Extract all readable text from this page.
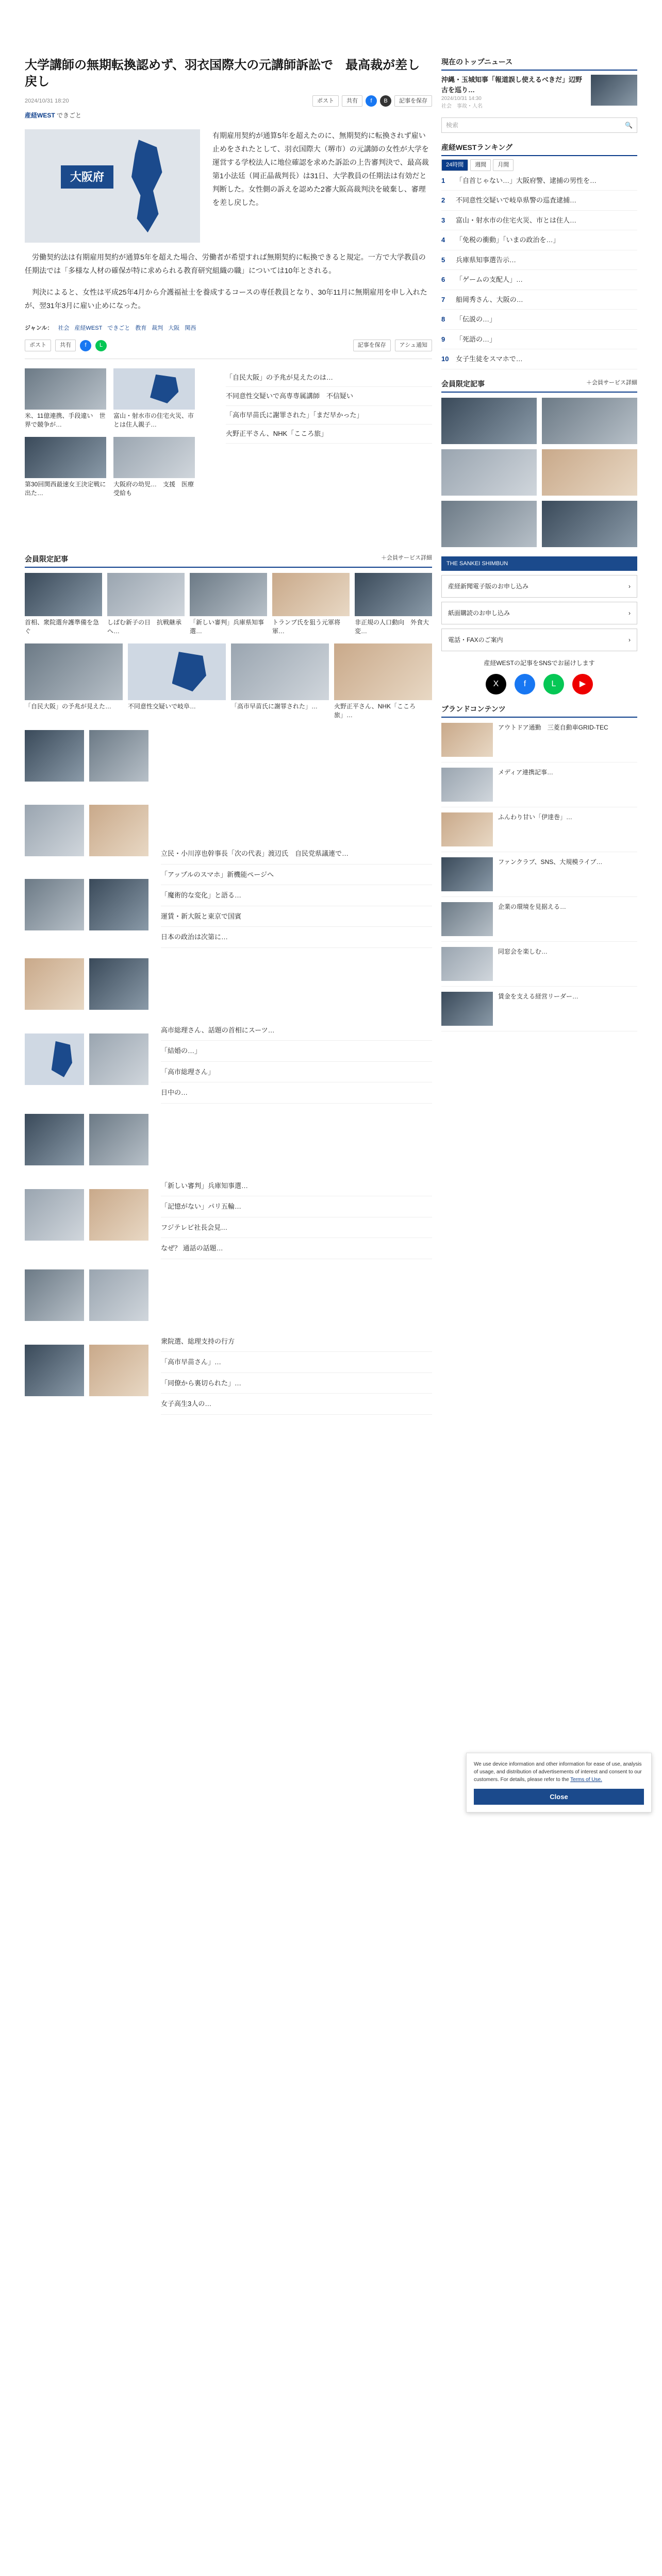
大学講師の無期転換認めず、羽衣国際大の元講師訴訟で　最高裁が差し戻し
2024/10/31 18:20	ポスト	共有	f	B	記事を保存
産経WEST できごと
大阪府

有期雇用契約が通算5年を超えたのに、無期契約に転換されず雇い止めをされたとして、羽衣国際大（堺市）の元講師の女性が大学を運営する学校法人に地位確認を求めた訴訟の上告審判決で、最高裁第1小法廷（岡正晶裁判長）は31日、大学教員の任期法は有効だと判断した。女性側の訴えを認めた2審大阪高裁判決を破棄し、審理を差し戻した。

労働契約法は有期雇用契約が通算5年を超えた場合、労働者が希望すれば無期契約に転換できると規定。一方で大学教員の任期法では「多様な人材の確保が特に求められる教育研究組織の職」については10年とされる。

判決によると、女性は平成25年4月から介護福祉士を養成するコースの専任教員となり、30年11月に無期雇用を申し入れたが、翌31年3月に雇い止めになった。

ジャンル： 社会 産経WEST できごと 教育 裁判 大阪 関西
ポスト	共有	f	L	記事を保存	アシュ通知
米、11億連携、手段違い　世界で競争が…
富山・射水市の住宅火災、市とは住人親子…
第30回関西最速女王決定戦に出た…
大阪府の幼児…　支援　医療受給も
「自民大阪」の予兆が見えたのは…
不同意性交疑いで高専専属講師　不信疑い
「高市早苗氏に謝罪された」「まだ早かった」
火野正平さん、NHK「こころ旅」
会員限定記事	＋会員サービス詳細
首相、衆院選弁護準備を急ぐ
しばむ新子の日　抗戦継承へ…
「新しい審判」兵庫県知事選…
トランプ氏を狙う元軍将軍…
非正規の人口動向　外食大変…
「自民大阪」の予兆が見えた…	不同意性交疑いで岐阜…	「高市早苗氏に謝罪された」…	火野正平さん、NHK「こころ旅」…
立民・小川淳也幹事長「次の代表」渡辺氏　自民党県議連で…
「アップルのスマホ」新機能ページへ
「魔術的な変化」と語る…
運賃・新大阪と東京で国賓
日本の政治は次第に…
高市総理さん、話題の首相にスーツ…
「結婚の…」
「高市総理さん」
日中の…
「新しい審判」兵庫知事選…
「記憶がない」パリ五輪…
フジテレビ社長会見…
なぜ？ 通話の話題…
衆院選、総理支持の行方
「高市早苗さん」…
「同僚から裏切られた」…
女子高生3人の…
現在のトップニュース
沖縄・玉城知事「報道誤し使えるべきだ」辺野古を巡り…
2024/10/31 14:30
社会　事故・人名
検索	🔍
産経WESTランキング
24時間	週間	月間
1	「自首じゃない…」大阪府警、逮捕の男性を…
2	不同意性交疑いで岐阜県警の巡査逮捕…
3	富山・射水市の住宅火災、市とは住人…
4	「免税の衝動」「いまの政治を…」
5	兵庫県知事選告示…
6	「ゲームの支配人」…
7	船岡秀さん、大阪の…
8	「伝説の…」
9	「死語の…」
10 女子生徒をスマホで…
会員限定記事	＋会員サービス詳細
THE SANKEI SHIMBUN
産経新聞電子版のお申し込み	›
紙面購読のお申し込み	›
電話・FAXのご案内	›
産経WESTの記事をSNSでお届けします
X	f	L	▶
ブランドコンテンツ
アウトドア通勤　三菱自動車GRID-TEC
メディア連携記事…
ふんわり甘い「伊達巻」…
ファンクラブ、SNS、大規模ライブ…
企業の環境を見据える…
同窓会を楽しむ…
賃金を支える経営リーダー…
We use device information and other information for ease of use, analysis of usage, and distribution of advertisements of interest and consent to our customers. For details, please refer to the Terms of Use.
Close
